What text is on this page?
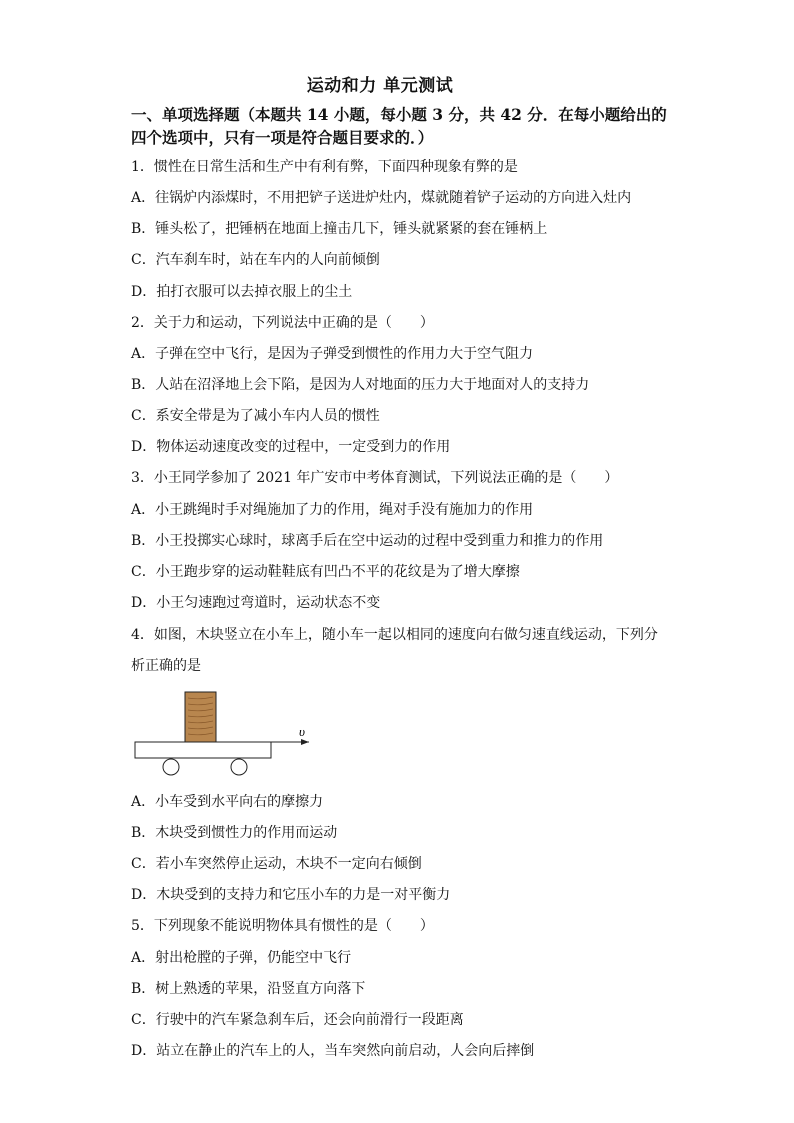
运动和力 单元测试
一、单项选择题（本题共 14 小题，每小题 3 分，共 42 分．在每小题给出的四个选项中，只有一项是符合题目要求的．）
1．惯性在日常生活和生产中有利有弊，下面四种现象有弊的是
A．往锅炉内添煤时，不用把铲子送进炉灶内，煤就随着铲子运动的方向进入灶内
B．锤头松了，把锤柄在地面上撞击几下，锤头就紧紧的套在锤柄上
C．汽车刹车时，站在车内的人向前倾倒
D．拍打衣服可以去掉衣服上的尘土
2．关于力和运动，下列说法中正确的是（　　）
A．子弹在空中飞行，是因为子弹受到惯性的作用力大于空气阻力
B．人站在沼泽地上会下陷，是因为人对地面的压力大于地面对人的支持力
C．系安全带是为了减小车内人员的惯性
D．物体运动速度改变的过程中，一定受到力的作用
3．小王同学参加了 2021 年广安市中考体育测试，下列说法正确的是（　　）
A．小王跳绳时手对绳施加了力的作用，绳对手没有施加力的作用
B．小王投掷实心球时，球离手后在空中运动的过程中受到重力和推力的作用
C．小王跑步穿的运动鞋鞋底有凹凸不平的花纹是为了增大摩擦
D．小王匀速跑过弯道时，运动状态不变
4．如图，木块竖立在小车上，随小车一起以相同的速度向右做匀速直线运动，下列分
析正确的是
υ
A．小车受到水平向右的摩擦力
B．木块受到惯性力的作用而运动
C．若小车突然停止运动，木块不一定向右倾倒
D．木块受到的支持力和它压小车的力是一对平衡力
5．下列现象不能说明物体具有惯性的是（　　）
A．射出枪膛的子弹，仍能空中飞行
B．树上熟透的苹果，沿竖直方向落下
C．行驶中的汽车紧急刹车后，还会向前滑行一段距离
D．站立在静止的汽车上的人，当车突然向前启动，人会向后摔倒
